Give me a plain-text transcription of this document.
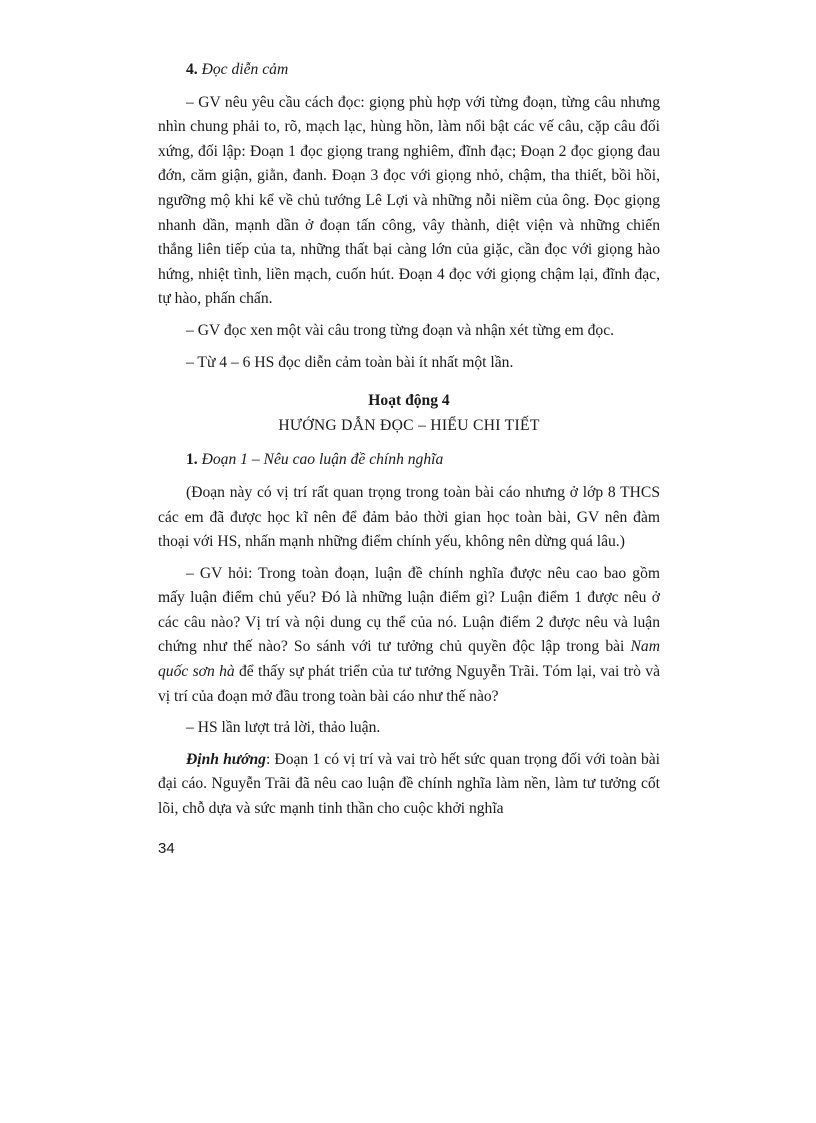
4. Đọc diễn cảm

– GV nêu yêu cầu cách đọc: giọng phù hợp với từng đoạn, từng câu nhưng nhìn chung phải to, rõ, mạch lạc, hùng hồn, làm nổi bật các vế câu, cặp câu đối xứng, đối lập: Đoạn 1 đọc giọng trang nghiêm, đĩnh đạc; Đoạn 2 đọc giọng đau đớn, căm giận, giằn, đanh. Đoạn 3 đọc với giọng nhỏ, chậm, tha thiết, bồi hồi, ngưỡng mộ khi kể về chủ tướng Lê Lợi và những nỗi niềm của ông. Đọc giọng nhanh dần, mạnh dần ở đoạn tấn công, vây thành, diệt viện và những chiến thắng liên tiếp của ta, những thất bại càng lớn của giặc, cần đọc với giọng hào hứng, nhiệt tình, liền mạch, cuốn hút. Đoạn 4 đọc với giọng chậm lại, đĩnh đạc, tự hào, phấn chấn.

– GV đọc xen một vài câu trong từng đoạn và nhận xét từng em đọc.

– Từ 4 – 6 HS đọc diễn cảm toàn bài ít nhất một lần.

Hoạt động 4

HƯỚNG DẪN ĐỌC – HIỂU CHI TIẾT

1. Đoạn 1 – Nêu cao luận đề chính nghĩa

(Đoạn này có vị trí rất quan trọng trong toàn bài cáo nhưng ở lớp 8 THCS các em đã được học kĩ nên để đảm bảo thời gian học toàn bài, GV nên đàm thoại với HS, nhấn mạnh những điểm chính yếu, không nên dừng quá lâu.)

– GV hỏi: Trong toàn đoạn, luận đề chính nghĩa được nêu cao bao gồm mấy luận điểm chủ yếu? Đó là những luận điểm gì? Luận điểm 1 được nêu ở các câu nào? Vị trí và nội dung cụ thể của nó. Luận điểm 2 được nêu và luận chứng như thế nào? So sánh với tư tưởng chủ quyền độc lập trong bài Nam quốc sơn hà để thấy sự phát triển của tư tưởng Nguyễn Trãi. Tóm lại, vai trò và vị trí của đoạn mở đầu trong toàn bài cáo như thế nào?

– HS lần lượt trả lời, thảo luận.

Định hướng: Đoạn 1 có vị trí và vai trò hết sức quan trọng đối với toàn bài đại cáo. Nguyễn Trãi đã nêu cao luận đề chính nghĩa làm nền, làm tư tưởng cốt lõi, chỗ dựa và sức mạnh tinh thần cho cuộc khởi nghĩa

34
